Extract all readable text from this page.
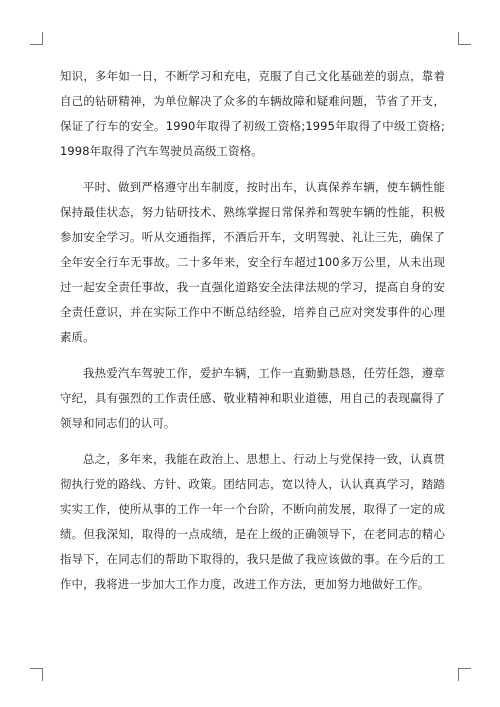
知识，多年如一日，不断学习和充电，克服了自己文化基础差的弱点，靠着自己的钻研精神，为单位解决了众多的车辆故障和疑难问题，节省了开支，保证了行车的安全。1990年取得了初级工资格;1995年取得了中级工资格;1998年取得了汽车驾驶员高级工资格。

平时、做到严格遵守出车制度，按时出车，认真保养车辆，使车辆性能保持最佳状态，努力钻研技术、熟练掌握日常保养和驾驶车辆的性能，积极参加安全学习。听从交通指挥，不酒后开车，文明驾驶、礼让三先，确保了全年安全行车无事故。二十多年来，安全行车超过100多万公里，从未出现过一起安全责任事故，我一直强化道路安全法律法规的学习，提高自身的安全责任意识，并在实际工作中不断总结经验，培养自己应对突发事件的心理素质。

我热爱汽车驾驶工作，爱护车辆，工作一直勤勤恳恳，任劳任怨，遵章守纪，具有强烈的工作责任感、敬业精神和职业道德，用自己的表现赢得了领导和同志们的认可。

总之，多年来，我能在政治上、思想上、行动上与党保持一致，认真贯彻执行党的路线、方针、政策。团结同志，宽以待人，认认真真学习，踏踏实实工作，使所从事的工作一年一个台阶，不断向前发展，取得了一定的成绩。但我深知，取得的一点成绩，是在上级的正确领导下，在老同志的精心指导下，在同志们的帮助下取得的，我只是做了我应该做的事。在今后的工作中，我将进一步加大工作力度，改进工作方法，更加努力地做好工作。
